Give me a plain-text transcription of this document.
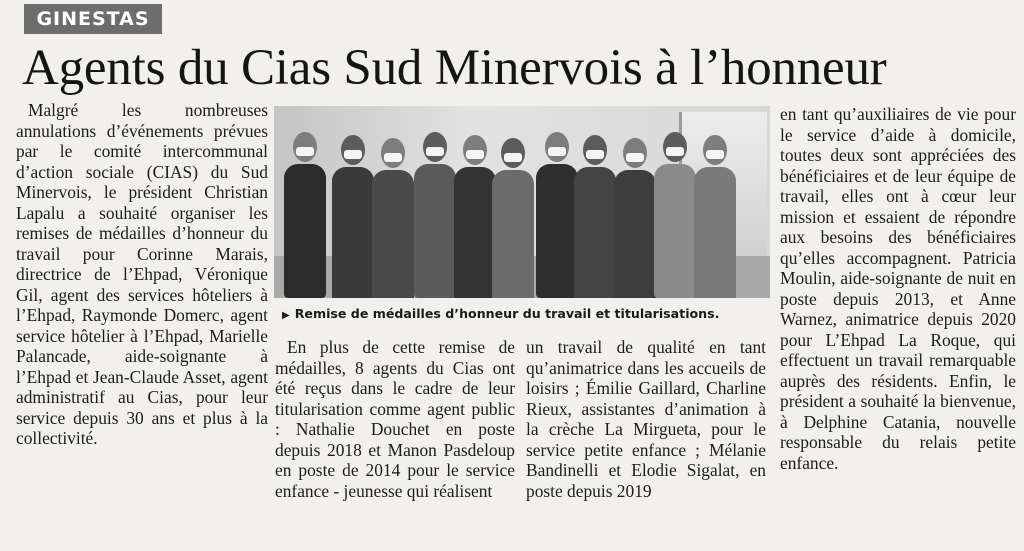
GINESTAS
Agents du Cias Sud Minervois à l’honneur
Malgré les nombreuses annulations d’événements prévues par le comité intercommunal d’action sociale (CIAS) du Sud Minervois, le président Christian Lapalu a souhaité organiser les remises de médailles d’honneur du travail pour Corinne Marais, directrice de l’Ehpad, Véronique Gil, agent des services hôteliers à l’Ehpad, Raymonde Domerc, agent service hôtelier à l’Ehpad, Marielle Palancade, aide-soignante à l’Ehpad et Jean-Claude Asset, agent administratif au Cias, pour leur service depuis 30 ans et plus à la collectivité.
▶ Remise de médailles d’honneur du travail et titularisations.
En plus de cette remise de médailles, 8 agents du Cias ont été reçus dans le cadre de leur titularisation comme agent public : Nathalie Douchet en poste depuis 2018 et Manon Pasdeloup en poste de 2014 pour le service enfance - jeunesse qui réalisent
un travail de qualité en tant qu’animatrice dans les accueils de loisirs ; Émilie Gaillard, Charline Rieux, assistantes d’animation à la crèche La Mirgueta, pour le service petite enfance ; Mélanie Bandinelli et Elodie Sigalat, en poste depuis 2019
en tant qu’auxiliaires de vie pour le service d’aide à domicile, toutes deux sont appréciées des bénéficiaires et de leur équipe de travail, elles ont à cœur leur mission et essaient de répondre aux besoins des bénéficiaires qu’elles accompagnent. Patricia Moulin, aide-soignante de nuit en poste depuis 2013, et Anne Warnez, animatrice depuis 2020 pour L’Ehpad La Roque, qui effectuent un travail remarquable auprès des résidents. Enfin, le président a souhaité la bienvenue, à Delphine Catania, nouvelle responsable du relais petite enfance.
